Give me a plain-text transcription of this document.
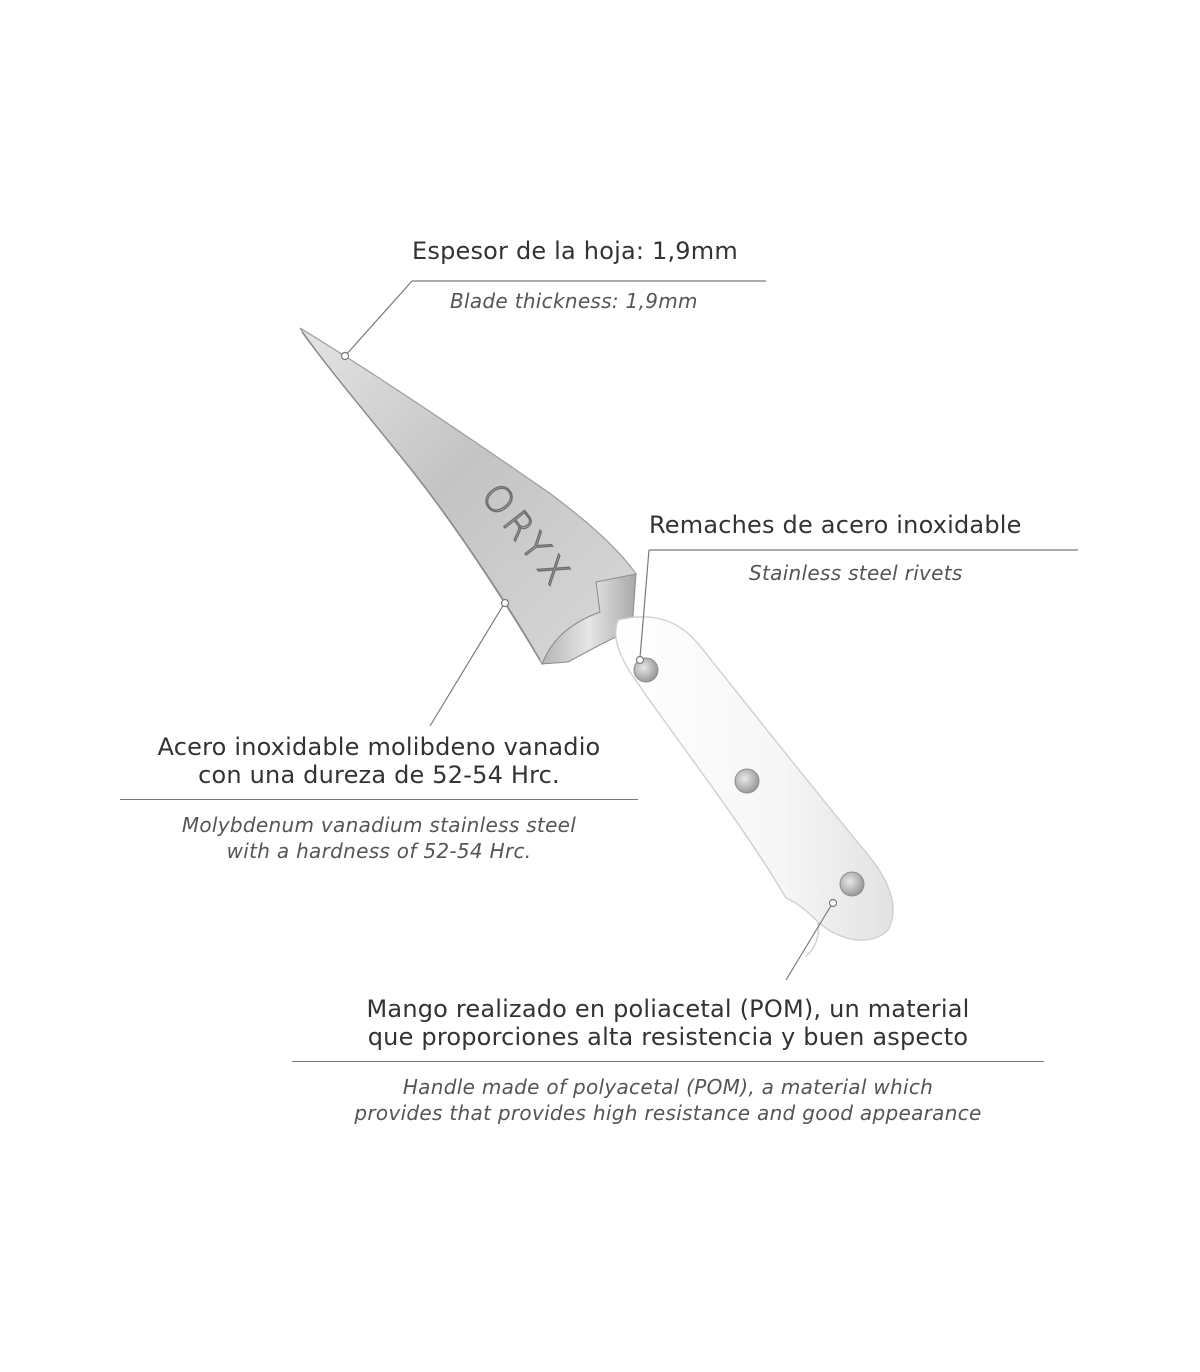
ORYX
Espesor de la hoja: 1,9mm
Blade thickness: 1,9mm
Remaches de acero inoxidable
Stainless steel rivets
Acero inoxidable molibdeno vanadio
con una dureza de 52-54 Hrc.
Molybdenum vanadium stainless steel
with a hardness of 52-54 Hrc.
Mango realizado en poliacetal (POM), un material
que proporciones alta resistencia y buen aspecto
Handle made of polyacetal (POM), a material which
provides that provides high resistance and good appearance
